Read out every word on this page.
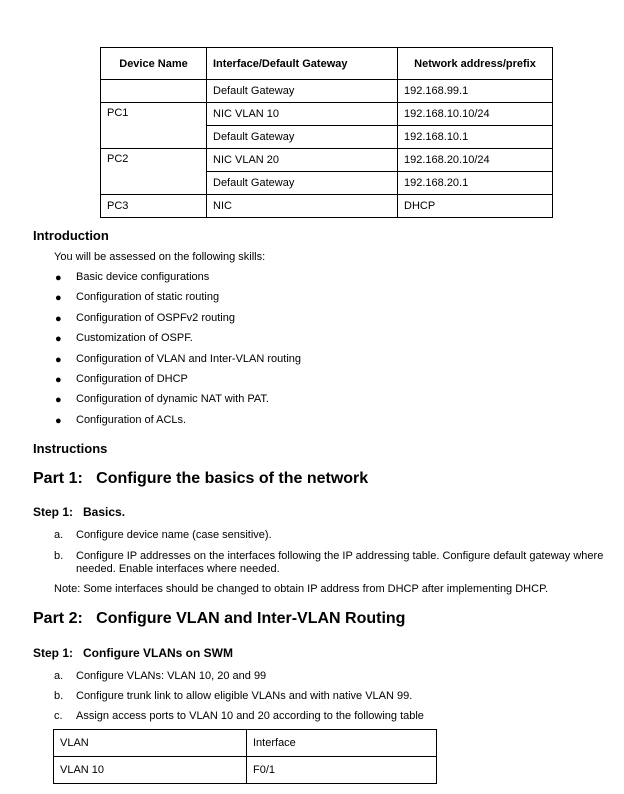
Device Name	Interface/Default Gateway	Network address/prefix
	Default Gateway	192.168.99.1
PC1	NIC VLAN 10	192.168.10.10/24
	Default Gateway	192.168.10.1
PC2	NIC VLAN 20	192.168.20.10/24
	Default Gateway	192.168.20.1
PC3	NIC	DHCP
Introduction
You will be assessed on the following skills:
● Basic device configurations
● Configuration of static routing
● Configuration of OSPFv2 routing
● Customization of OSPF.
● Configuration of VLAN and Inter-VLAN routing
● Configuration of DHCP
● Configuration of dynamic NAT with PAT.
● Configuration of ACLs.
Instructions
Part 1:   Configure the basics of the network
Step 1:   Basics.
a. Configure device name (case sensitive).
b. Configure IP addresses on the interfaces following the IP addressing table. Configure default gateway where needed. Enable interfaces where needed.
Note: Some interfaces should be changed to obtain IP address from DHCP after implementing DHCP.
Part 2:   Configure VLAN and Inter-VLAN Routing
Step 1:   Configure VLANs on SWM
a. Configure VLANs: VLAN 10, 20 and 99
b. Configure trunk link to allow eligible VLANs and with native VLAN 99.
c. Assign access ports to VLAN 10 and 20 according to the following table
VLAN	Interface
VLAN 10	F0/1
